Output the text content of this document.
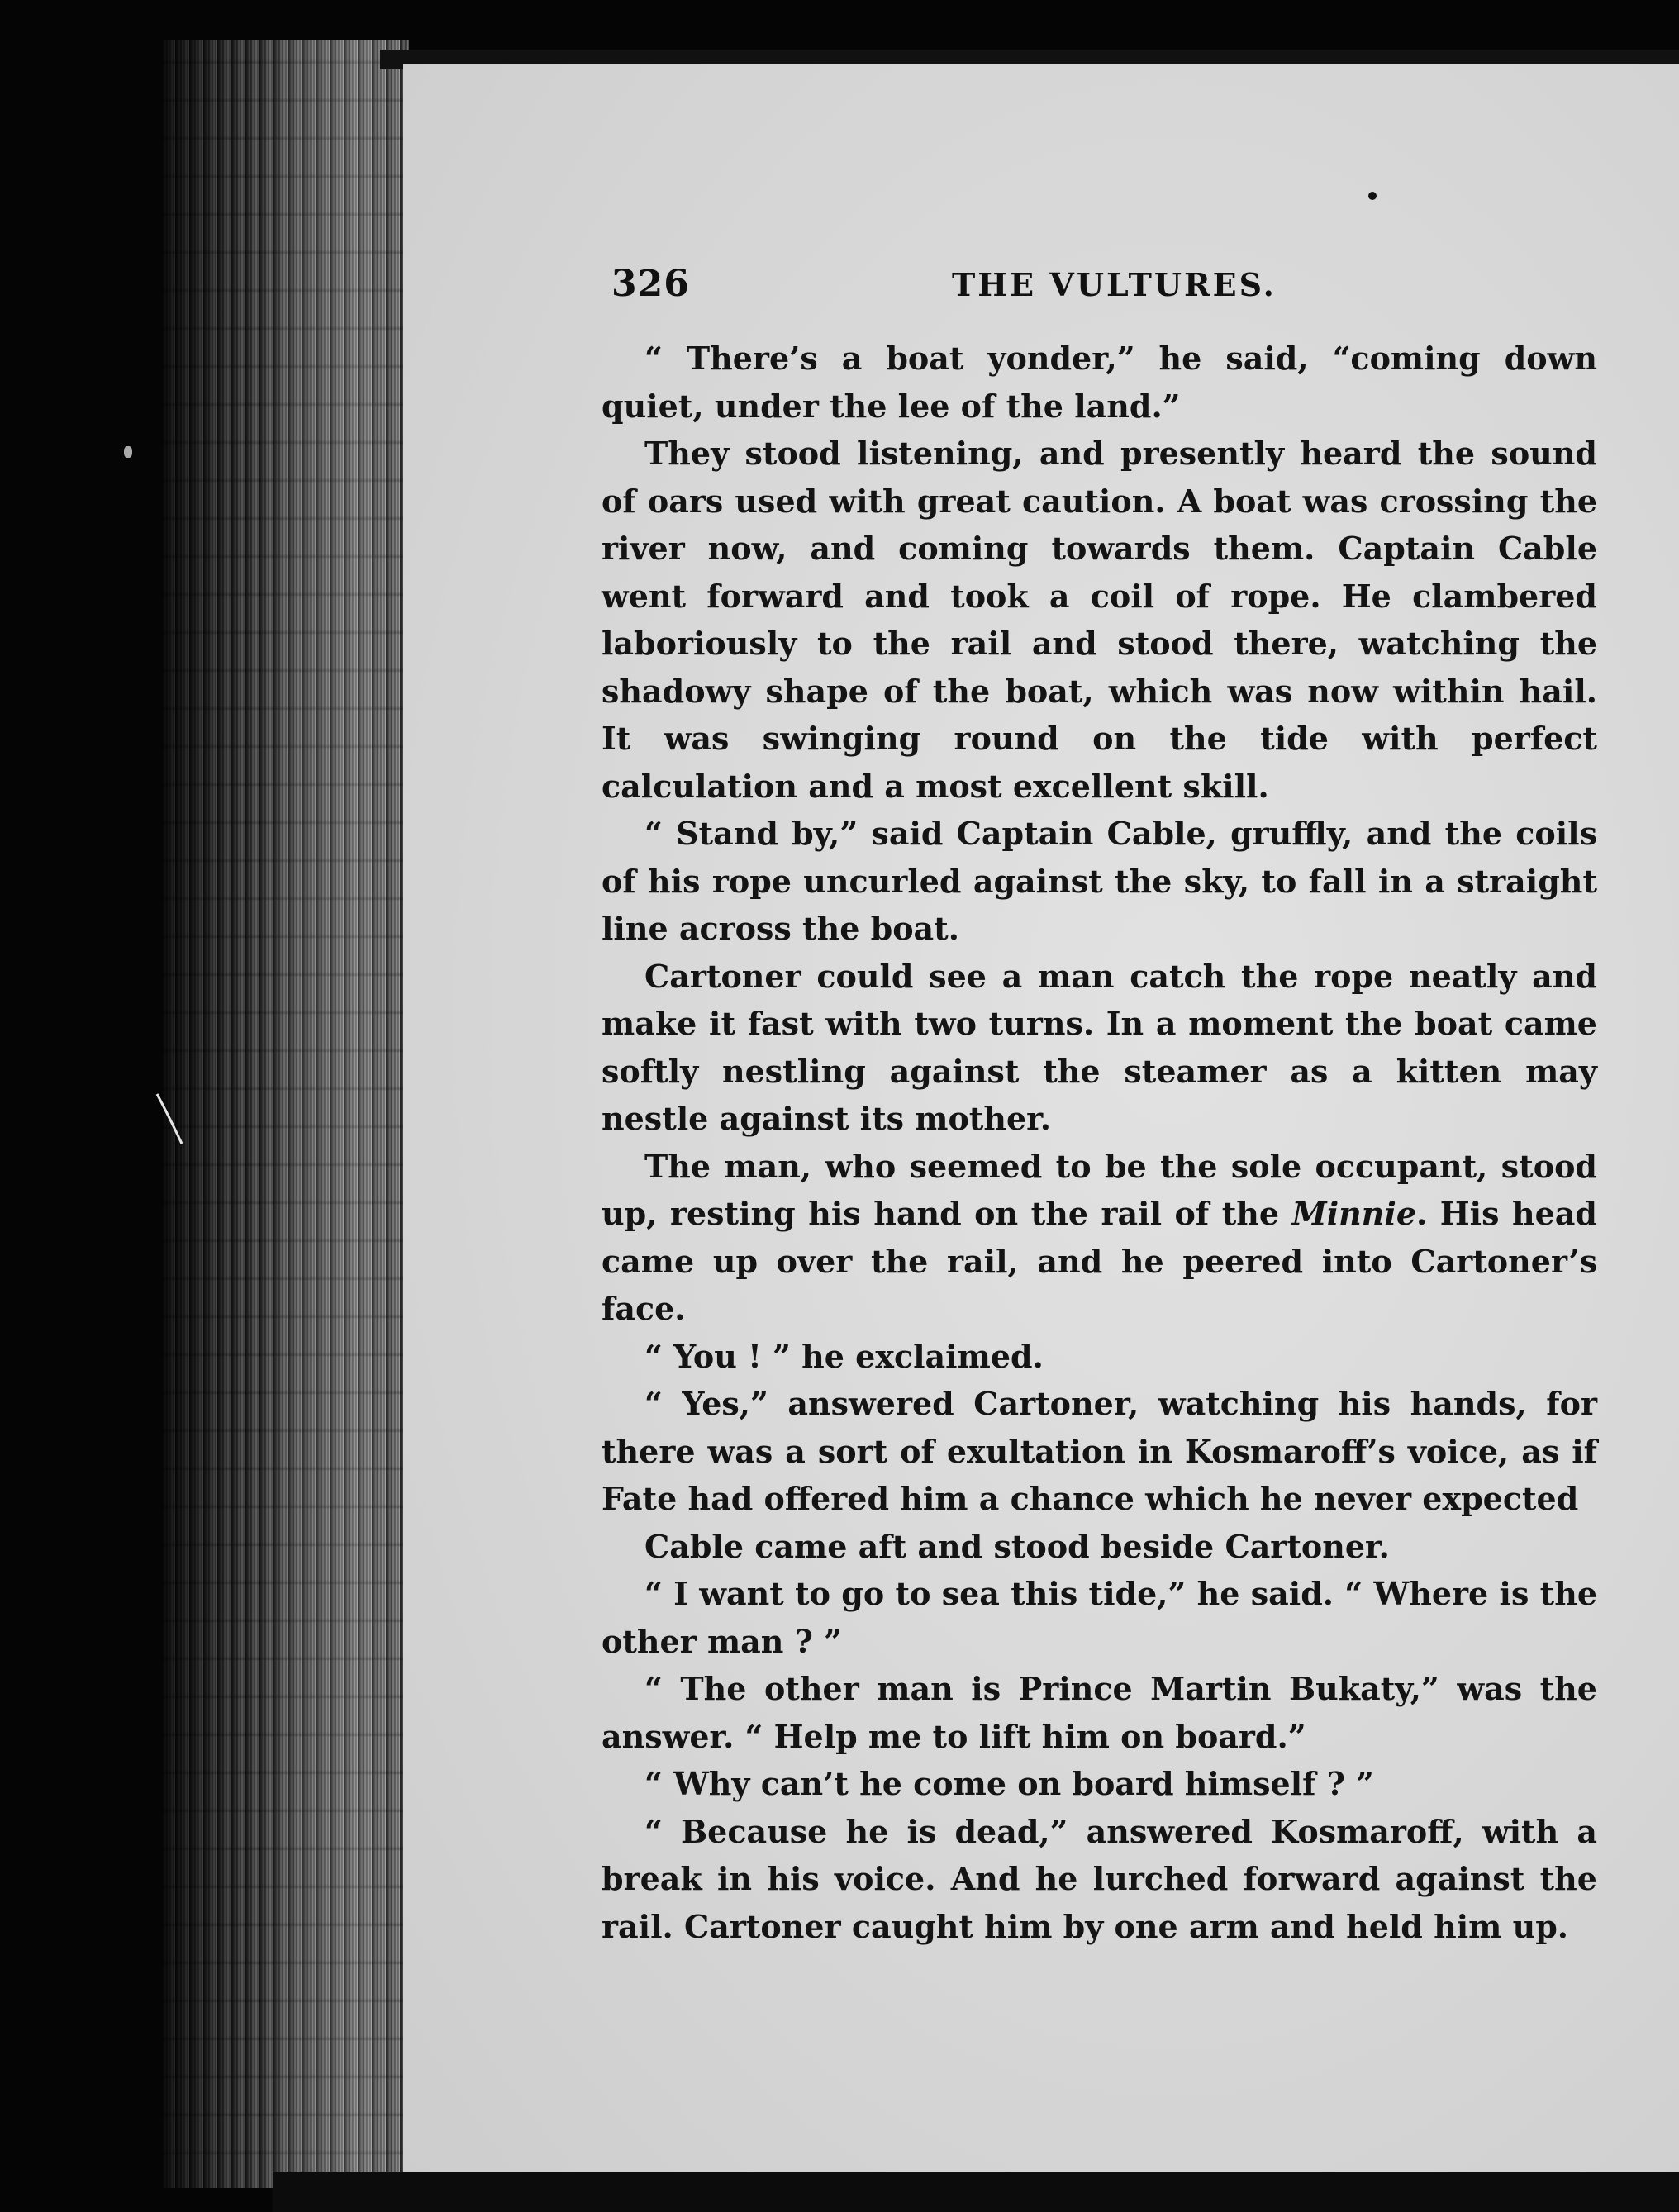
326	THE VULTURES.

“ There’s a boat yonder,” he said, “coming down quiet, under the lee of the land.”

They stood listening, and presently heard the sound of oars used with great caution. A boat was crossing the river now, and coming towards them. Captain Cable went forward and took a coil of rope. He clambered laboriously to the rail and stood there, watching the shadowy shape of the boat, which was now within hail. It was swinging round on the tide with perfect calculation and a most excellent skill.

“ Stand by,” said Captain Cable, gruffly, and the coils of his rope uncurled against the sky, to fall in a straight line across the boat.

Cartoner could see a man catch the rope neatly and make it fast with two turns. In a moment the boat came softly nestling against the steamer as a kitten may nestle against its mother.

The man, who seemed to be the sole occupant, stood up, resting his hand on the rail of the Minnie. His head came up over the rail, and he peered into Cartoner’s face.

“ You ! ” he exclaimed.

“ Yes,” answered Cartoner, watching his hands, for there was a sort of exultation in Kosmaroff’s voice, as if Fate had offered him a chance which he never expected

Cable came aft and stood beside Cartoner.

“ I want to go to sea this tide,” he said. “ Where is the other man ? ”

“ The other man is Prince Martin Bukaty,” was the answer. “ Help me to lift him on board.”

“ Why can’t he come on board himself ? ”

“ Because he is dead,” answered Kosmaroff, with a break in his voice. And he lurched forward against the rail. Cartoner caught him by one arm and held him up.
